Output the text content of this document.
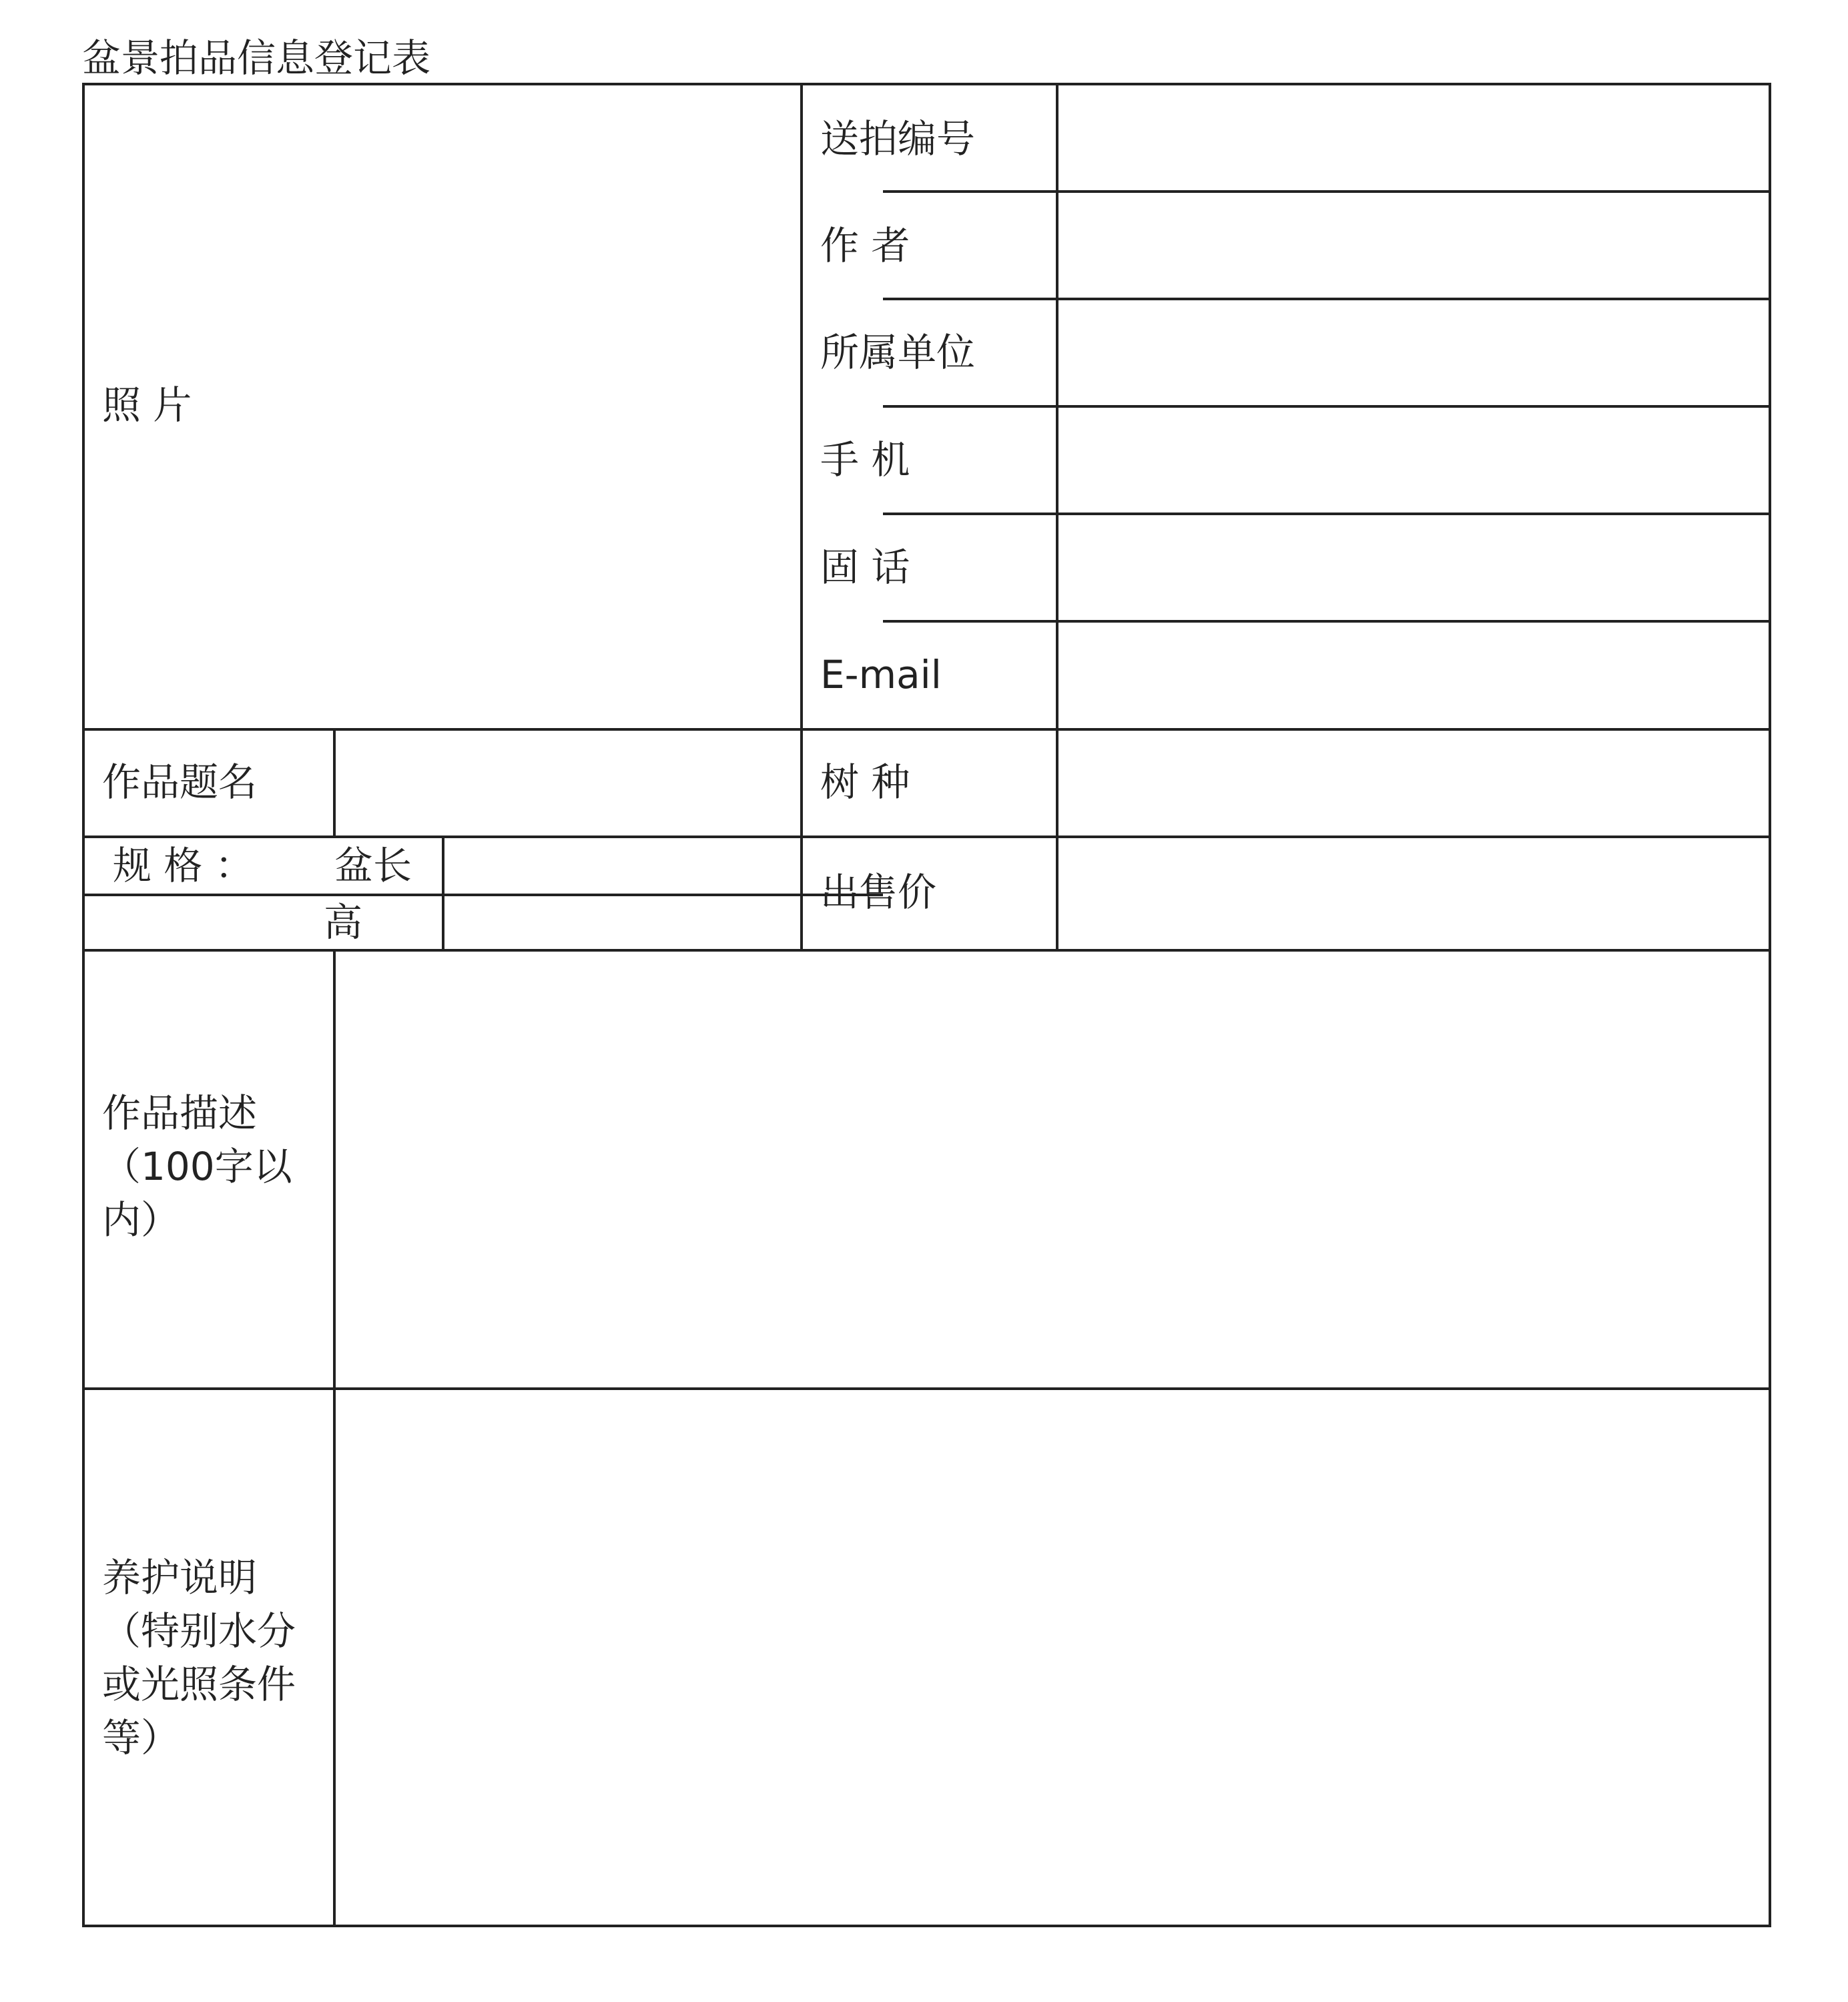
盆景拍品信息登记表
照 片
送拍编号
作 者
所属单位
手 机
固 话
E-mail
树 种
出售价
作品题名
规 格 ： 盆长
高
作品描述
（100字以
内）
养护说明
（特别水分
或光照条件
等）
